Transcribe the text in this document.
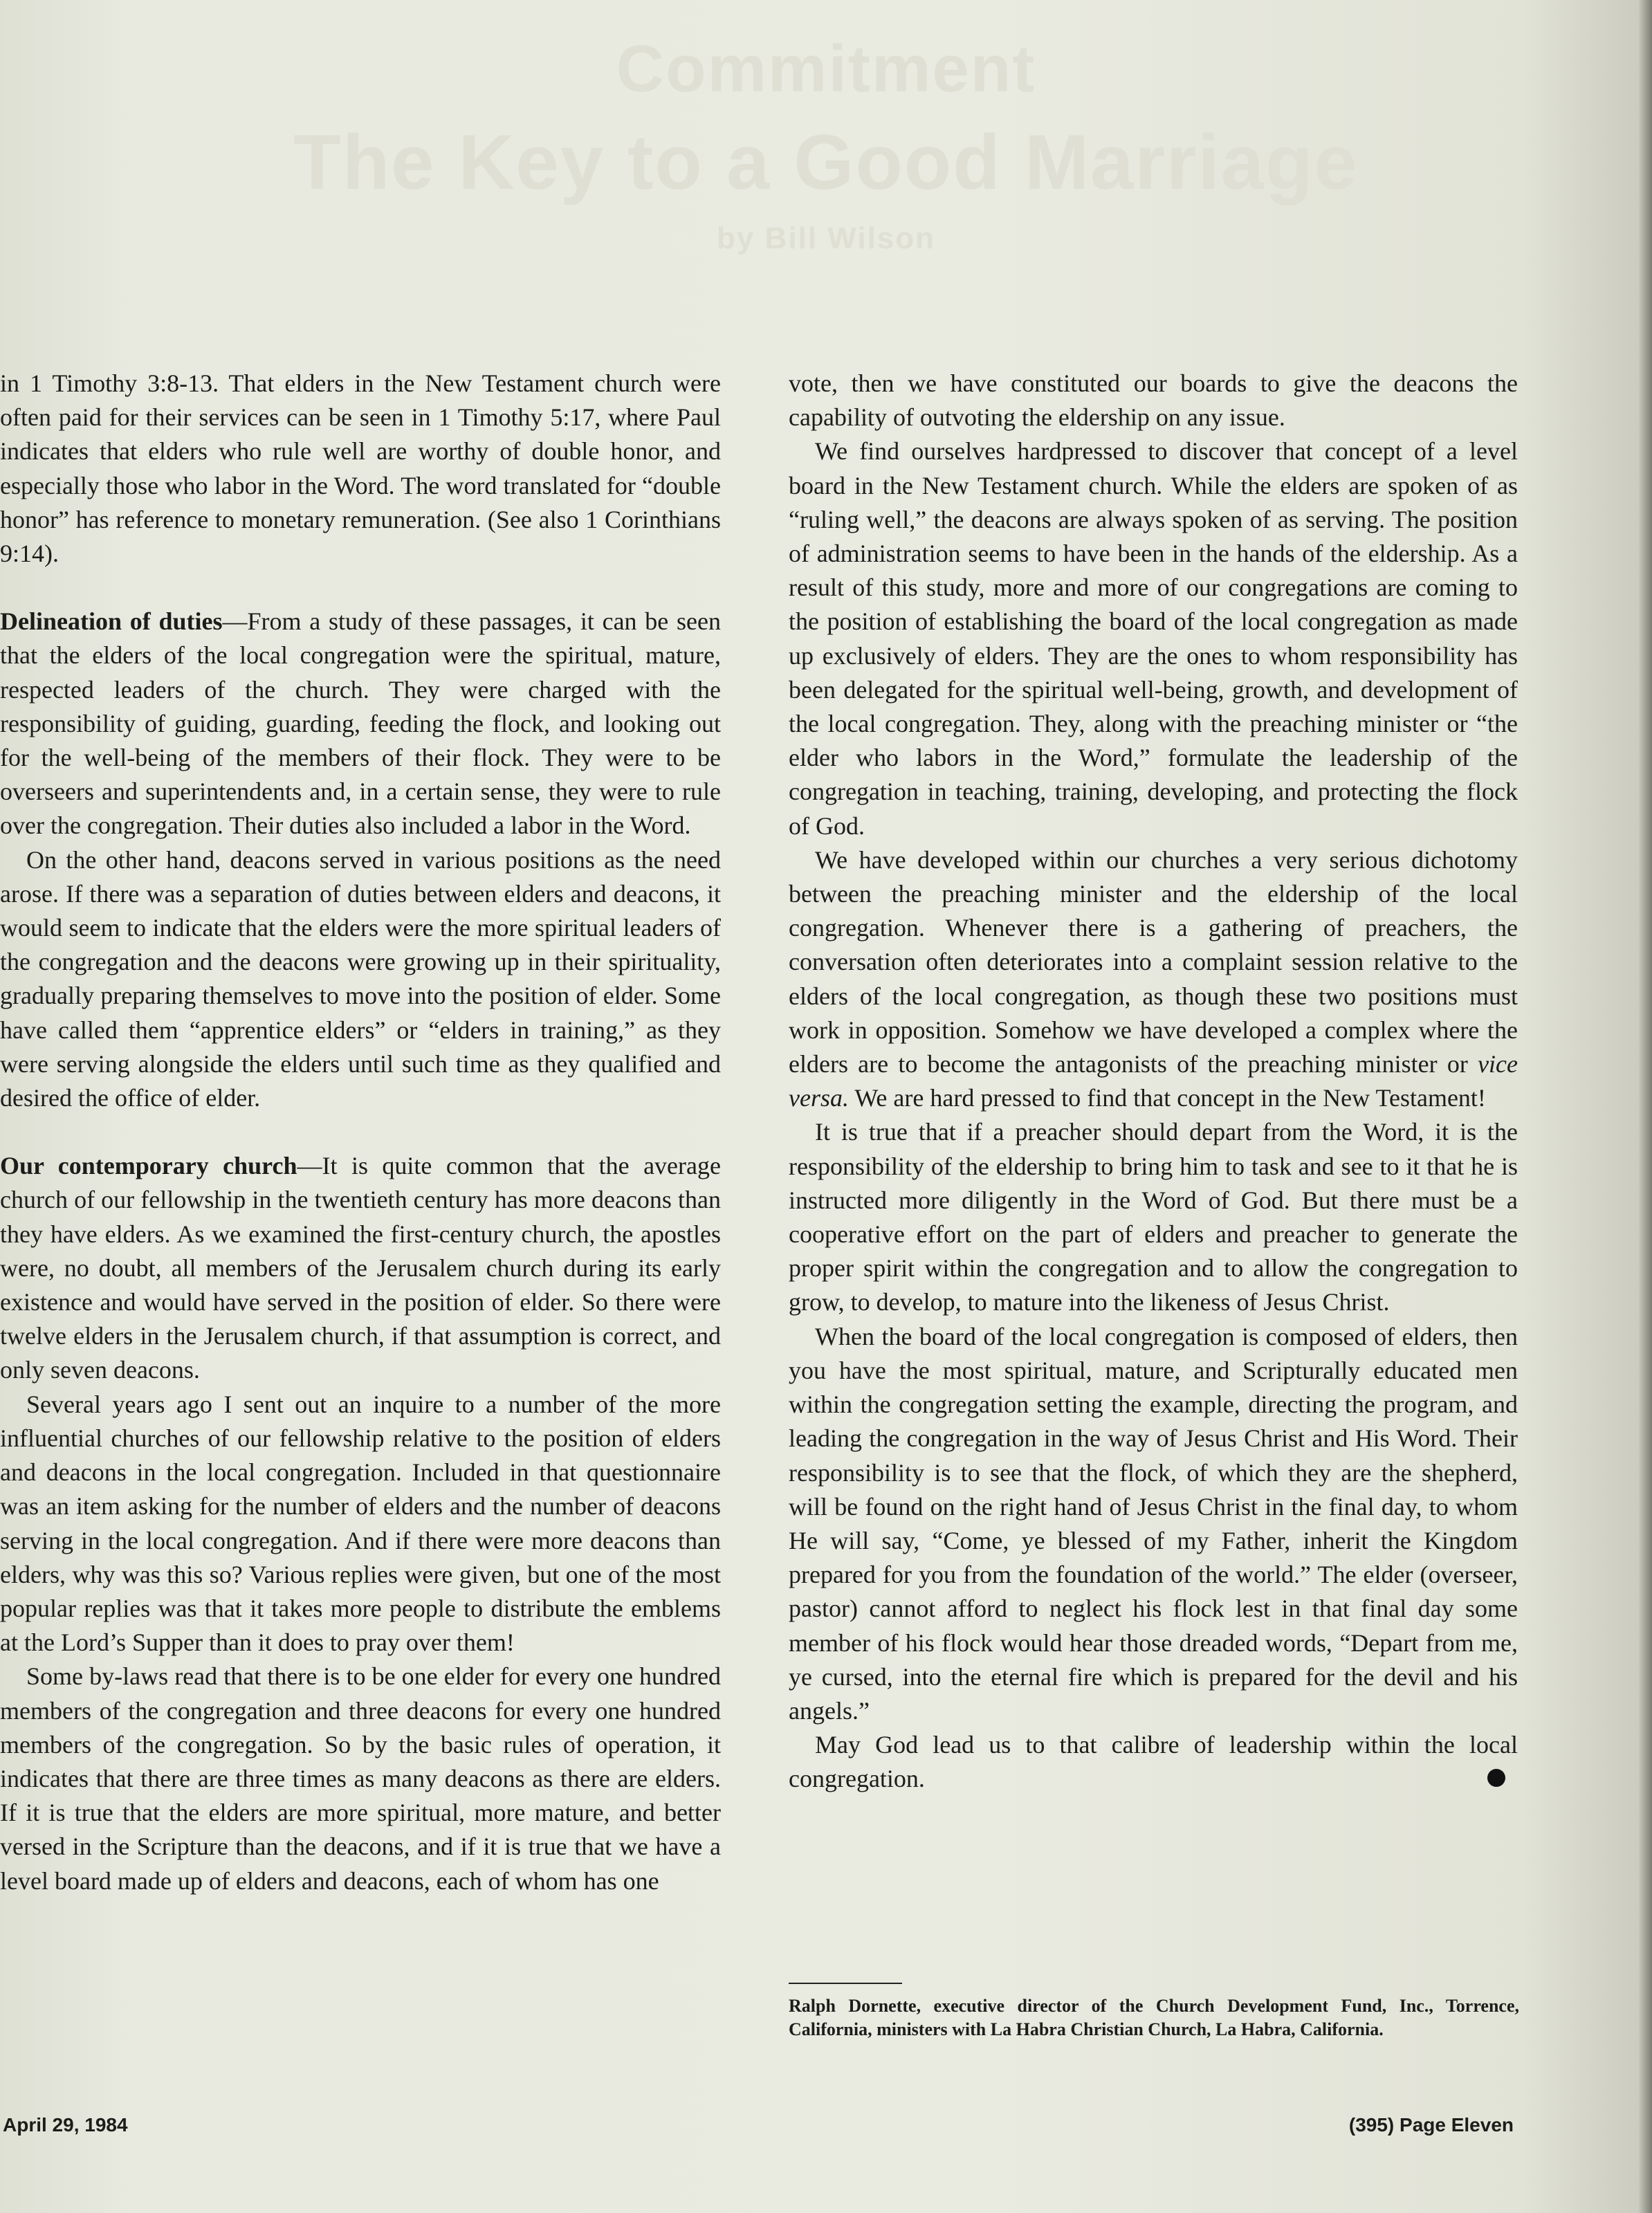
Commitment
The Key to a Good Marriage
by Bill Wilson

in 1 Timothy 3:8-13. That elders in the New Testament church were often paid for their services can be seen in 1 Timothy 5:17, where Paul indicates that elders who rule well are worthy of double honor, and especially those who labor in the Word. The word translated for “double honor” has reference to monetary remuneration. (See also 1 Corinthians 9:14).

Delineation of duties—From a study of these passages, it can be seen that the elders of the local congregation were the spiritual, mature, respected leaders of the church. They were charged with the responsibility of guiding, guarding, feeding the flock, and looking out for the well-being of the members of their flock. They were to be overseers and superintendents and, in a certain sense, they were to rule over the congregation. Their duties also included a labor in the Word.

On the other hand, deacons served in various positions as the need arose. If there was a separation of duties between elders and deacons, it would seem to indicate that the elders were the more spiritual leaders of the congregation and the deacons were growing up in their spirituality, gradually preparing themselves to move into the position of elder. Some have called them “apprentice elders” or “elders in training,” as they were serving alongside the elders until such time as they qualified and desired the office of elder.

Our contemporary church—It is quite common that the average church of our fellowship in the twentieth century has more deacons than they have elders. As we examined the first-century church, the apostles were, no doubt, all members of the Jerusalem church during its early existence and would have served in the position of elder. So there were twelve elders in the Jerusalem church, if that assumption is correct, and only seven deacons.

Several years ago I sent out an inquire to a number of the more influential churches of our fellowship relative to the position of elders and deacons in the local congregation. Included in that questionnaire was an item asking for the number of elders and the number of deacons serving in the local congregation. And if there were more deacons than elders, why was this so? Various replies were given, but one of the most popular replies was that it takes more people to distribute the emblems at the Lord’s Supper than it does to pray over them!

Some by-laws read that there is to be one elder for every one hundred members of the congregation and three deacons for every one hundred members of the congregation. So by the basic rules of operation, it indicates that there are three times as many deacons as there are elders. If it is true that the elders are more spiritual, more mature, and better versed in the Scripture than the deacons, and if it is true that we have a level board made up of elders and deacons, each of whom has one

vote, then we have constituted our boards to give the deacons the capability of outvoting the eldership on any issue.

We find ourselves hardpressed to discover that concept of a level board in the New Testament church. While the elders are spoken of as “ruling well,” the deacons are always spoken of as serving. The position of administration seems to have been in the hands of the eldership. As a result of this study, more and more of our congregations are coming to the position of establishing the board of the local congregation as made up exclusively of elders. They are the ones to whom responsibility has been delegated for the spiritual well-being, growth, and development of the local congregation. They, along with the preaching minister or “the elder who labors in the Word,” formulate the leadership of the congregation in teaching, training, developing, and protecting the flock of God.

We have developed within our churches a very serious dichotomy between the preaching minister and the eldership of the local congregation. Whenever there is a gathering of preachers, the conversation often deteriorates into a complaint session relative to the elders of the local congregation, as though these two positions must work in opposition. Somehow we have developed a complex where the elders are to become the antagonists of the preaching minister or vice versa. We are hard pressed to find that concept in the New Testament!

It is true that if a preacher should depart from the Word, it is the responsibility of the eldership to bring him to task and see to it that he is instructed more diligently in the Word of God. But there must be a cooperative effort on the part of elders and preacher to generate the proper spirit within the congregation and to allow the congregation to grow, to develop, to mature into the likeness of Jesus Christ.

When the board of the local congregation is composed of elders, then you have the most spiritual, mature, and Scripturally educated men within the congregation setting the example, directing the program, and leading the congregation in the way of Jesus Christ and His Word. Their responsibility is to see that the flock, of which they are the shepherd, will be found on the right hand of Jesus Christ in the final day, to whom He will say, “Come, ye blessed of my Father, inherit the Kingdom prepared for you from the foundation of the world.” The elder (overseer, pastor) cannot afford to neglect his flock lest in that final day some member of his flock would hear those dreaded words, “Depart from me, ye cursed, into the eternal fire which is prepared for the devil and his angels.”

May God lead us to that calibre of leadership within the local congregation.

Ralph Dornette, executive director of the Church Development Fund, Inc., Torrence, California, ministers with La Habra Christian Church, La Habra, California.
April 29, 1984	(395) Page Eleven
